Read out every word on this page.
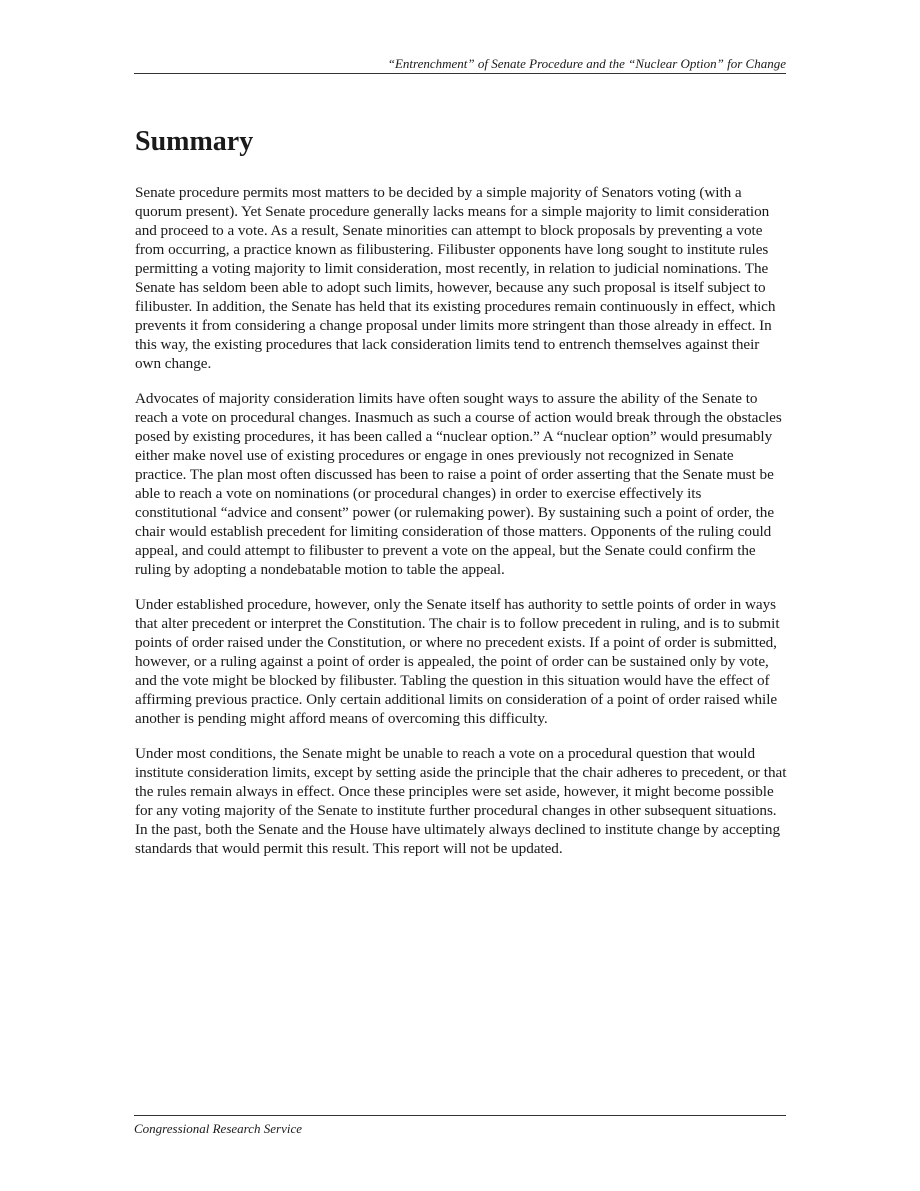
“Entrenchment” of Senate Procedure and the “Nuclear Option” for Change
Summary

Senate procedure permits most matters to be decided by a simple majority of Senators voting (with a quorum present). Yet Senate procedure generally lacks means for a simple majority to limit consideration and proceed to a vote. As a result, Senate minorities can attempt to block proposals by preventing a vote from occurring, a practice known as filibustering. Filibuster opponents have long sought to institute rules permitting a voting majority to limit consideration, most recently, in relation to judicial nominations. The Senate has seldom been able to adopt such limits, however, because any such proposal is itself subject to filibuster. In addition, the Senate has held that its existing procedures remain continuously in effect, which prevents it from considering a change proposal under limits more stringent than those already in effect. In this way, the existing procedures that lack consideration limits tend to entrench themselves against their own change.

Advocates of majority consideration limits have often sought ways to assure the ability of the Senate to reach a vote on procedural changes. Inasmuch as such a course of action would break through the obstacles posed by existing procedures, it has been called a “nuclear option.” A “nuclear option” would presumably either make novel use of existing procedures or engage in ones previously not recognized in Senate practice. The plan most often discussed has been to raise a point of order asserting that the Senate must be able to reach a vote on nominations (or procedural changes) in order to exercise effectively its constitutional “advice and consent” power (or rulemaking power). By sustaining such a point of order, the chair would establish precedent for limiting consideration of those matters. Opponents of the ruling could appeal, and could attempt to filibuster to prevent a vote on the appeal, but the Senate could confirm the ruling by adopting a nondebatable motion to table the appeal.

Under established procedure, however, only the Senate itself has authority to settle points of order in ways that alter precedent or interpret the Constitution. The chair is to follow precedent in ruling, and is to submit points of order raised under the Constitution, or where no precedent exists. If a point of order is submitted, however, or a ruling against a point of order is appealed, the point of order can be sustained only by vote, and the vote might be blocked by filibuster. Tabling the question in this situation would have the effect of affirming previous practice. Only certain additional limits on consideration of a point of order raised while another is pending might afford means of overcoming this difficulty.

Under most conditions, the Senate might be unable to reach a vote on a procedural question that would institute consideration limits, except by setting aside the principle that the chair adheres to precedent, or that the rules remain always in effect. Once these principles were set aside, however, it might become possible for any voting majority of the Senate to institute further procedural changes in other subsequent situations. In the past, both the Senate and the House have ultimately always declined to institute change by accepting standards that would permit this result. This report will not be updated.

Congressional Research Service
